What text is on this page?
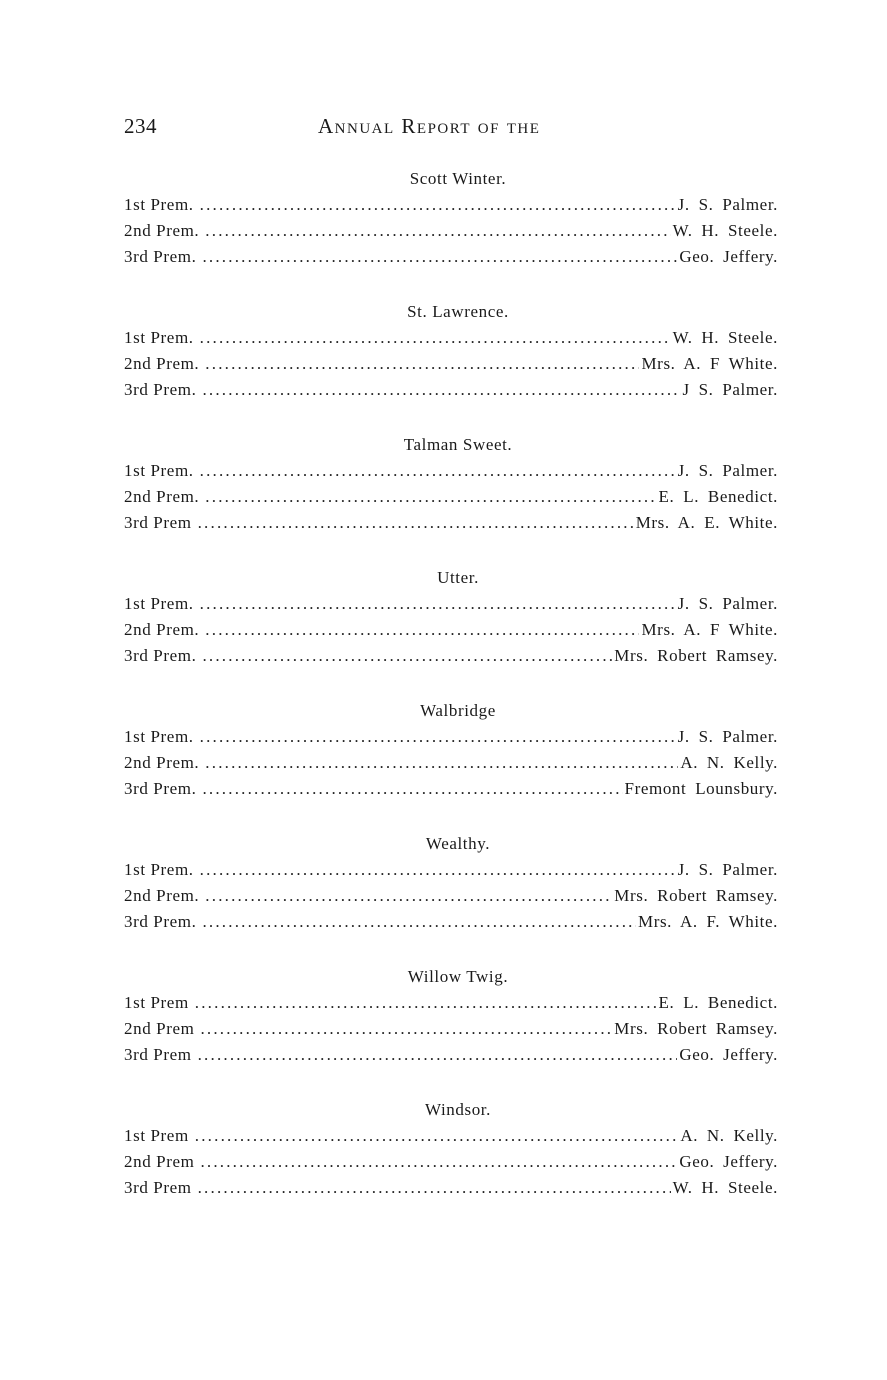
234	Annual Report of the
Scott Winter.
1st Prem. .....	J. S. Palmer.
2nd Prem. .....	W. H. Steele.
3rd Prem. .....	Geo. Jeffery.
St. Lawrence.
1st Prem. .....	W. H. Steele.
2nd Prem. .....	Mrs. A. F White.
3rd Prem. .....	J S. Palmer.
Talman Sweet.
1st Prem. .....	J. S. Palmer.
2nd Prem. .....	E. L. Benedict.
3rd Prem .....	Mrs. A. E. White.
Utter.
1st Prem. .....	J. S. Palmer.
2nd Prem. .....	Mrs. A. F White.
3rd Prem. .....	Mrs. Robert Ramsey.
Walbridge
1st Prem. .....	J. S. Palmer.
2nd Prem. .....	A. N. Kelly.
3rd Prem. .....	Fremont Lounsbury.
Wealthy.
1st Prem. .....	J. S. Palmer.
2nd Prem. .....	Mrs. Robert Ramsey.
3rd Prem. .....	Mrs. A. F. White.
Willow Twig.
1st Prem .....	E. L. Benedict.
2nd Prem .....	Mrs. Robert Ramsey.
3rd Prem .....	Geo. Jeffery.
Windsor.
1st Prem .....	A. N. Kelly.
2nd Prem .....	Geo. Jeffery.
3rd Prem .....	W. H. Steele.
